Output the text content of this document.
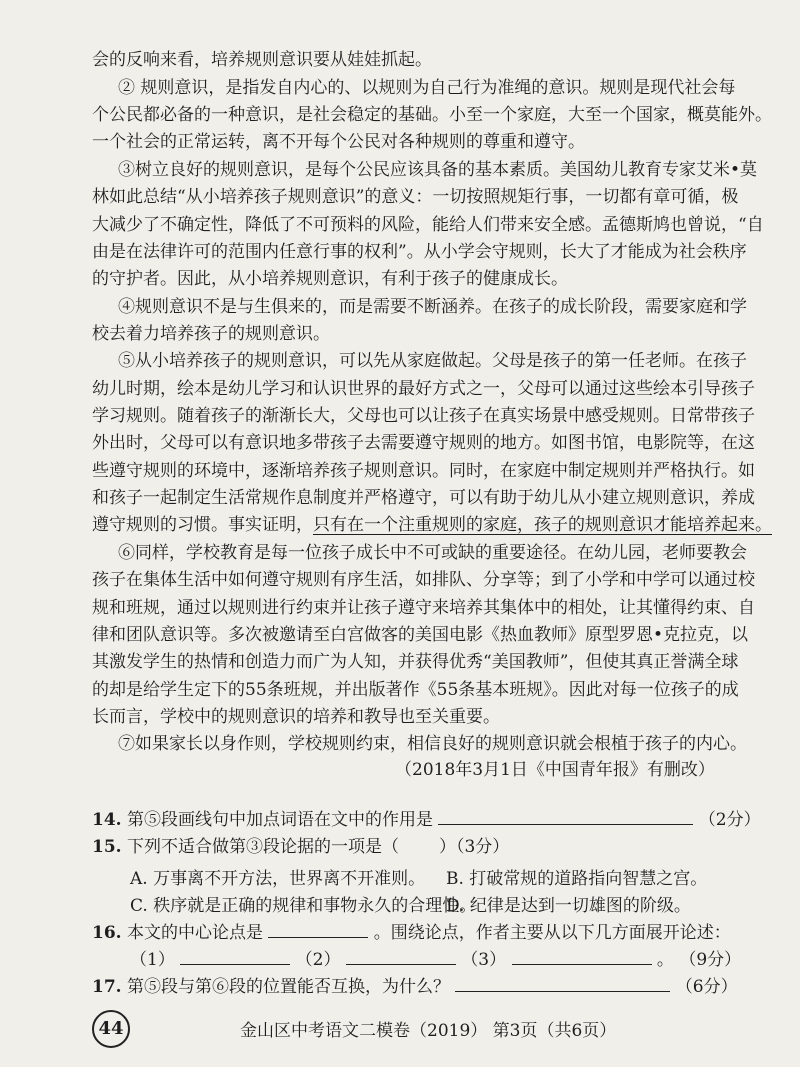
会的反响来看，培养规则意识要从娃娃抓起。
② 规则意识，是指发自内心的、以规则为自己行为准绳的意识。规则是现代社会每
个公民都必备的一种意识，是社会稳定的基础。小至一个家庭，大至一个国家，概莫能外。
一个社会的正常运转，离不开每个公民对各种规则的尊重和遵守。
③树立良好的规则意识，是每个公民应该具备的基本素质。美国幼儿教育专家艾米•莫
林如此总结“从小培养孩子规则意识”的意义：一切按照规矩行事，一切都有章可循，极
大减少了不确定性，降低了不可预料的风险，能给人们带来安全感。孟德斯鸠也曾说，“自
由是在法律许可的范围内任意行事的权利”。从小学会守规则，长大了才能成为社会秩序
的守护者。因此，从小培养规则意识，有利于孩子的健康成长。
④规则意识不是与生俱来的，而是需要不断涵养。在孩子的成长阶段，需要家庭和学
校去着力培养孩子的规则意识。
⑤从小培养孩子的规则意识，可以先从家庭做起。父母是孩子的第一任老师。在孩子
幼儿时期，绘本是幼儿学习和认识世界的最好方式之一，父母可以通过这些绘本引导孩子
学习规则。随着孩子的渐渐长大，父母也可以让孩子在真实场景中感受规则。日常带孩子
外出时，父母可以有意识地多带孩子去需要遵守规则的地方。如图书馆，电影院等，在这
些遵守规则的环境中，逐渐培养孩子规则意识。同时，在家庭中制定规则并严格执行。如
和孩子一起制定生活常规作息制度并严格遵守，可以有助于幼儿从小建立规则意识，养成
遵守规则的习惯。事实证明，只有在一个注重规则的家庭，孩子的规则意识才能培养起来。
⑥同样，学校教育是每一位孩子成长中不可或缺的重要途径。在幼儿园，老师要教会
孩子在集体生活中如何遵守规则有序生活，如排队、分享等；到了小学和中学可以通过校
规和班规，通过以规则进行约束并让孩子遵守来培养其集体中的相处，让其懂得约束、自
律和团队意识等。多次被邀请至白宫做客的美国电影《热血教师》原型罗恩•克拉克，以
其激发学生的热情和创造力而广为人知，并获得优秀“美国教师”，但使其真正誉满全球
的却是给学生定下的55条班规，并出版著作《55条基本班规》。因此对每一位孩子的成
长而言，学校中的规则意识的培养和教导也至关重要。
⑦如果家长以身作则，学校规则约束，相信良好的规则意识就会根植于孩子的内心。
（2018年3月1日《中国青年报》有删改）
14. 第⑤段画线句中加点词语在文中的作用是	（2分）
15. 下列不适合做第③段论据的一项是（ ）（3分）
A. 万事离不开方法，世界离不开准则。 B. 打破常规的道路指向智慧之宫。
C. 秩序就是正确的规律和事物永久的合理性。
D. 纪律是达到一切雄图的阶级。
16. 本文的中心论点是	。围绕论点，作者主要从以下几方面展开论述：
（1）	（2）	（3）	。 （9分）
17. 第⑤段与第⑥段的位置能否互换，为什么？	（6分）
44	金山区中考语文二模卷（2019） 第3页（共6页）
